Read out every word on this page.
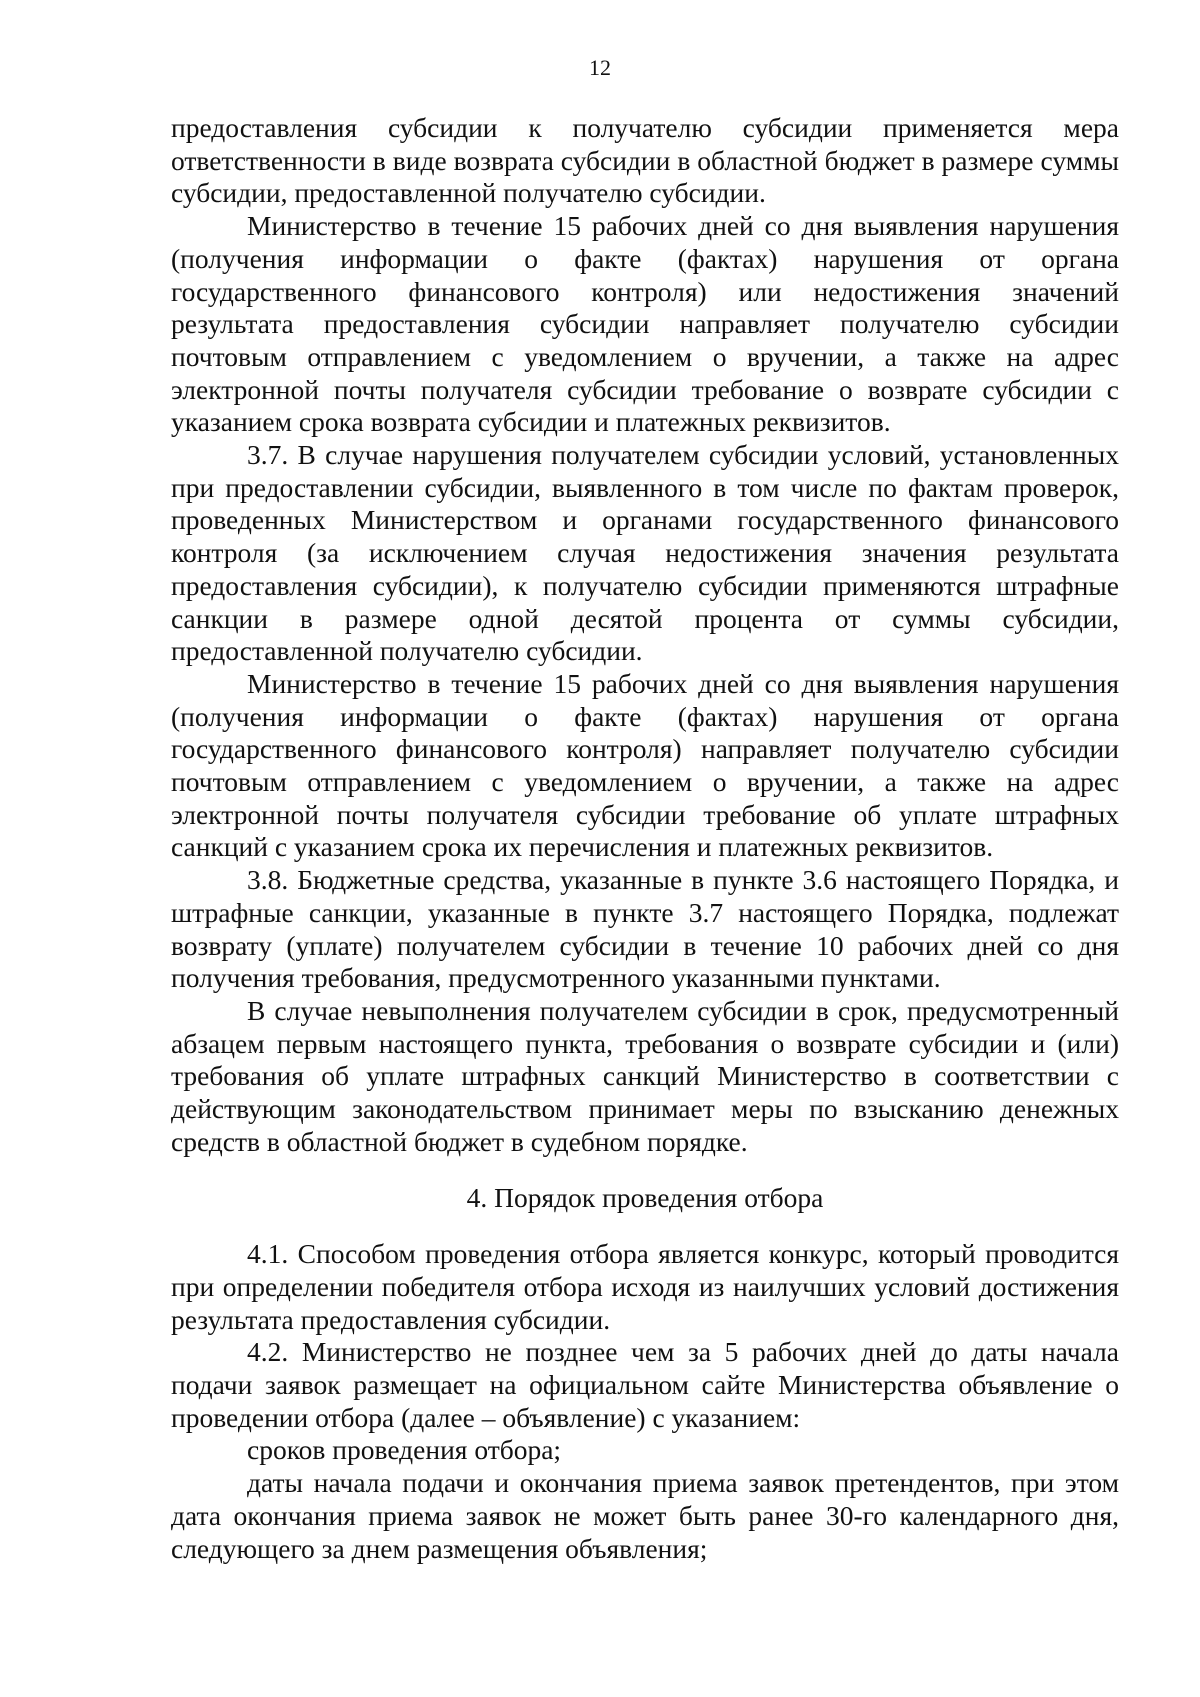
12

предоставления субсидии к получателю субсидии применяется мера ответственности в виде возврата субсидии в областной бюджет в размере суммы субсидии, предоставленной получателю субсидии.

Министерство в течение 15 рабочих дней со дня выявления нарушения (получения информации о факте (фактах) нарушения от органа государственного финансового контроля) или недостижения значений результата предоставления субсидии направляет получателю субсидии почтовым отправлением с уведомлением о вручении, а также на адрес электронной почты получателя субсидии требование о возврате субсидии с указанием срока возврата субсидии и платежных реквизитов.

3.7. В случае нарушения получателем субсидии условий, установленных при предоставлении субсидии, выявленного в том числе по фактам проверок, проведенных Министерством и органами государственного финансового контроля (за исключением случая недостижения значения результата предоставления субсидии), к получателю субсидии применяются штрафные санкции в размере одной десятой процента от суммы субсидии, предоставленной получателю субсидии.

Министерство в течение 15 рабочих дней со дня выявления нарушения (получения информации о факте (фактах) нарушения от органа государственного финансового контроля) направляет получателю субсидии почтовым отправлением с уведомлением о вручении, а также на адрес электронной почты получателя субсидии требование об уплате штрафных санкций с указанием срока их перечисления и платежных реквизитов.

3.8. Бюджетные средства, указанные в пункте 3.6 настоящего Порядка, и штрафные санкции, указанные в пункте 3.7 настоящего Порядка, подлежат возврату (уплате) получателем субсидии в течение 10 рабочих дней со дня получения требования, предусмотренного указанными пунктами.

В случае невыполнения получателем субсидии в срок, предусмотренный абзацем первым настоящего пункта, требования о возврате субсидии и (или) требования об уплате штрафных санкций Министерство в соответствии с действующим законодательством принимает меры по взысканию денежных средств в областной бюджет в судебном порядке.

4. Порядок проведения отбора

4.1. Способом проведения отбора является конкурс, который проводится при определении победителя отбора исходя из наилучших условий достижения результата предоставления субсидии.

4.2. Министерство не позднее чем за 5 рабочих дней до даты начала подачи заявок размещает на официальном сайте Министерства объявление о проведении отбора (далее – объявление) с указанием:

сроков проведения отбора;

даты начала подачи и окончания приема заявок претендентов, при этом дата окончания приема заявок не может быть ранее 30-го календарного дня, следующего за днем размещения объявления;
